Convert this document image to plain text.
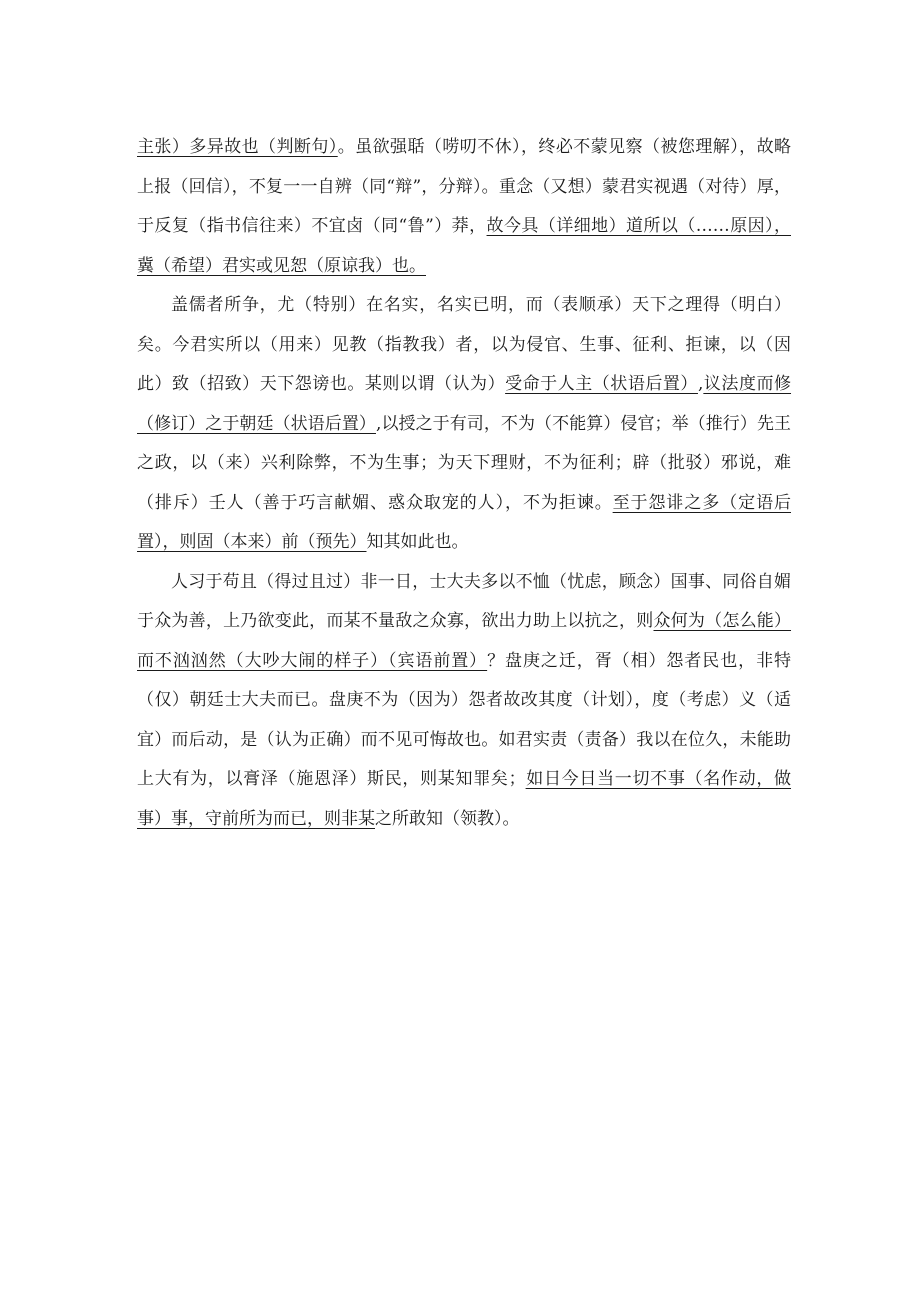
主张）多异故也（判断句）。虽欲强聒（唠叨不休），终必不蒙见察（被您理解），故略上报（回信），不复一一自辨（同“辩”，分辩）。重念（又想）蒙君实视遇（对待）厚，于反复（指书信往来）不宜卤（同“鲁”）莽，故今具（详细地）道所以（……原因），冀（希望）君实或见恕（原谅我）也。

盖儒者所争，尤（特别）在名实，名实已明，而（表顺承）天下之理得（明白）矣。今君实所以（用来）见教（指教我）者，以为侵官、生事、征利、拒谏，以（因此）致（招致）天下怨谤也。某则以谓（认为）受命于人主（状语后置）,议法度而修（修订）之于朝廷（状语后置）,以授之于有司，不为（不能算）侵官；举（推行）先王之政，以（来）兴利除弊，不为生事；为天下理财，不为征利；辟（批驳）邪说，难（排斥）壬人（善于巧言献媚、惑众取宠的人），不为拒谏。至于怨诽之多（定语后置），则固（本来）前（预先）知其如此也。

人习于苟且（得过且过）非一日，士大夫多以不恤（忧虑，顾念）国事、同俗自媚于众为善，上乃欲变此，而某不量敌之众寡，欲出力助上以抗之，则众何为（怎么能）而不汹汹然（大吵大闹的样子）（宾语前置）？盘庚之迁，胥（相）怨者民也，非特（仅）朝廷士大夫而已。盘庚不为（因为）怨者故改其度（计划），度（考虑）义（适宜）而后动，是（认为正确）而不见可悔故也。如君实责（责备）我以在位久，未能助上大有为，以膏泽（施恩泽）斯民，则某知罪矣；如日今日当一切不事（名作动，做事）事，守前所为而已，则非某之所敢知（领教）。
